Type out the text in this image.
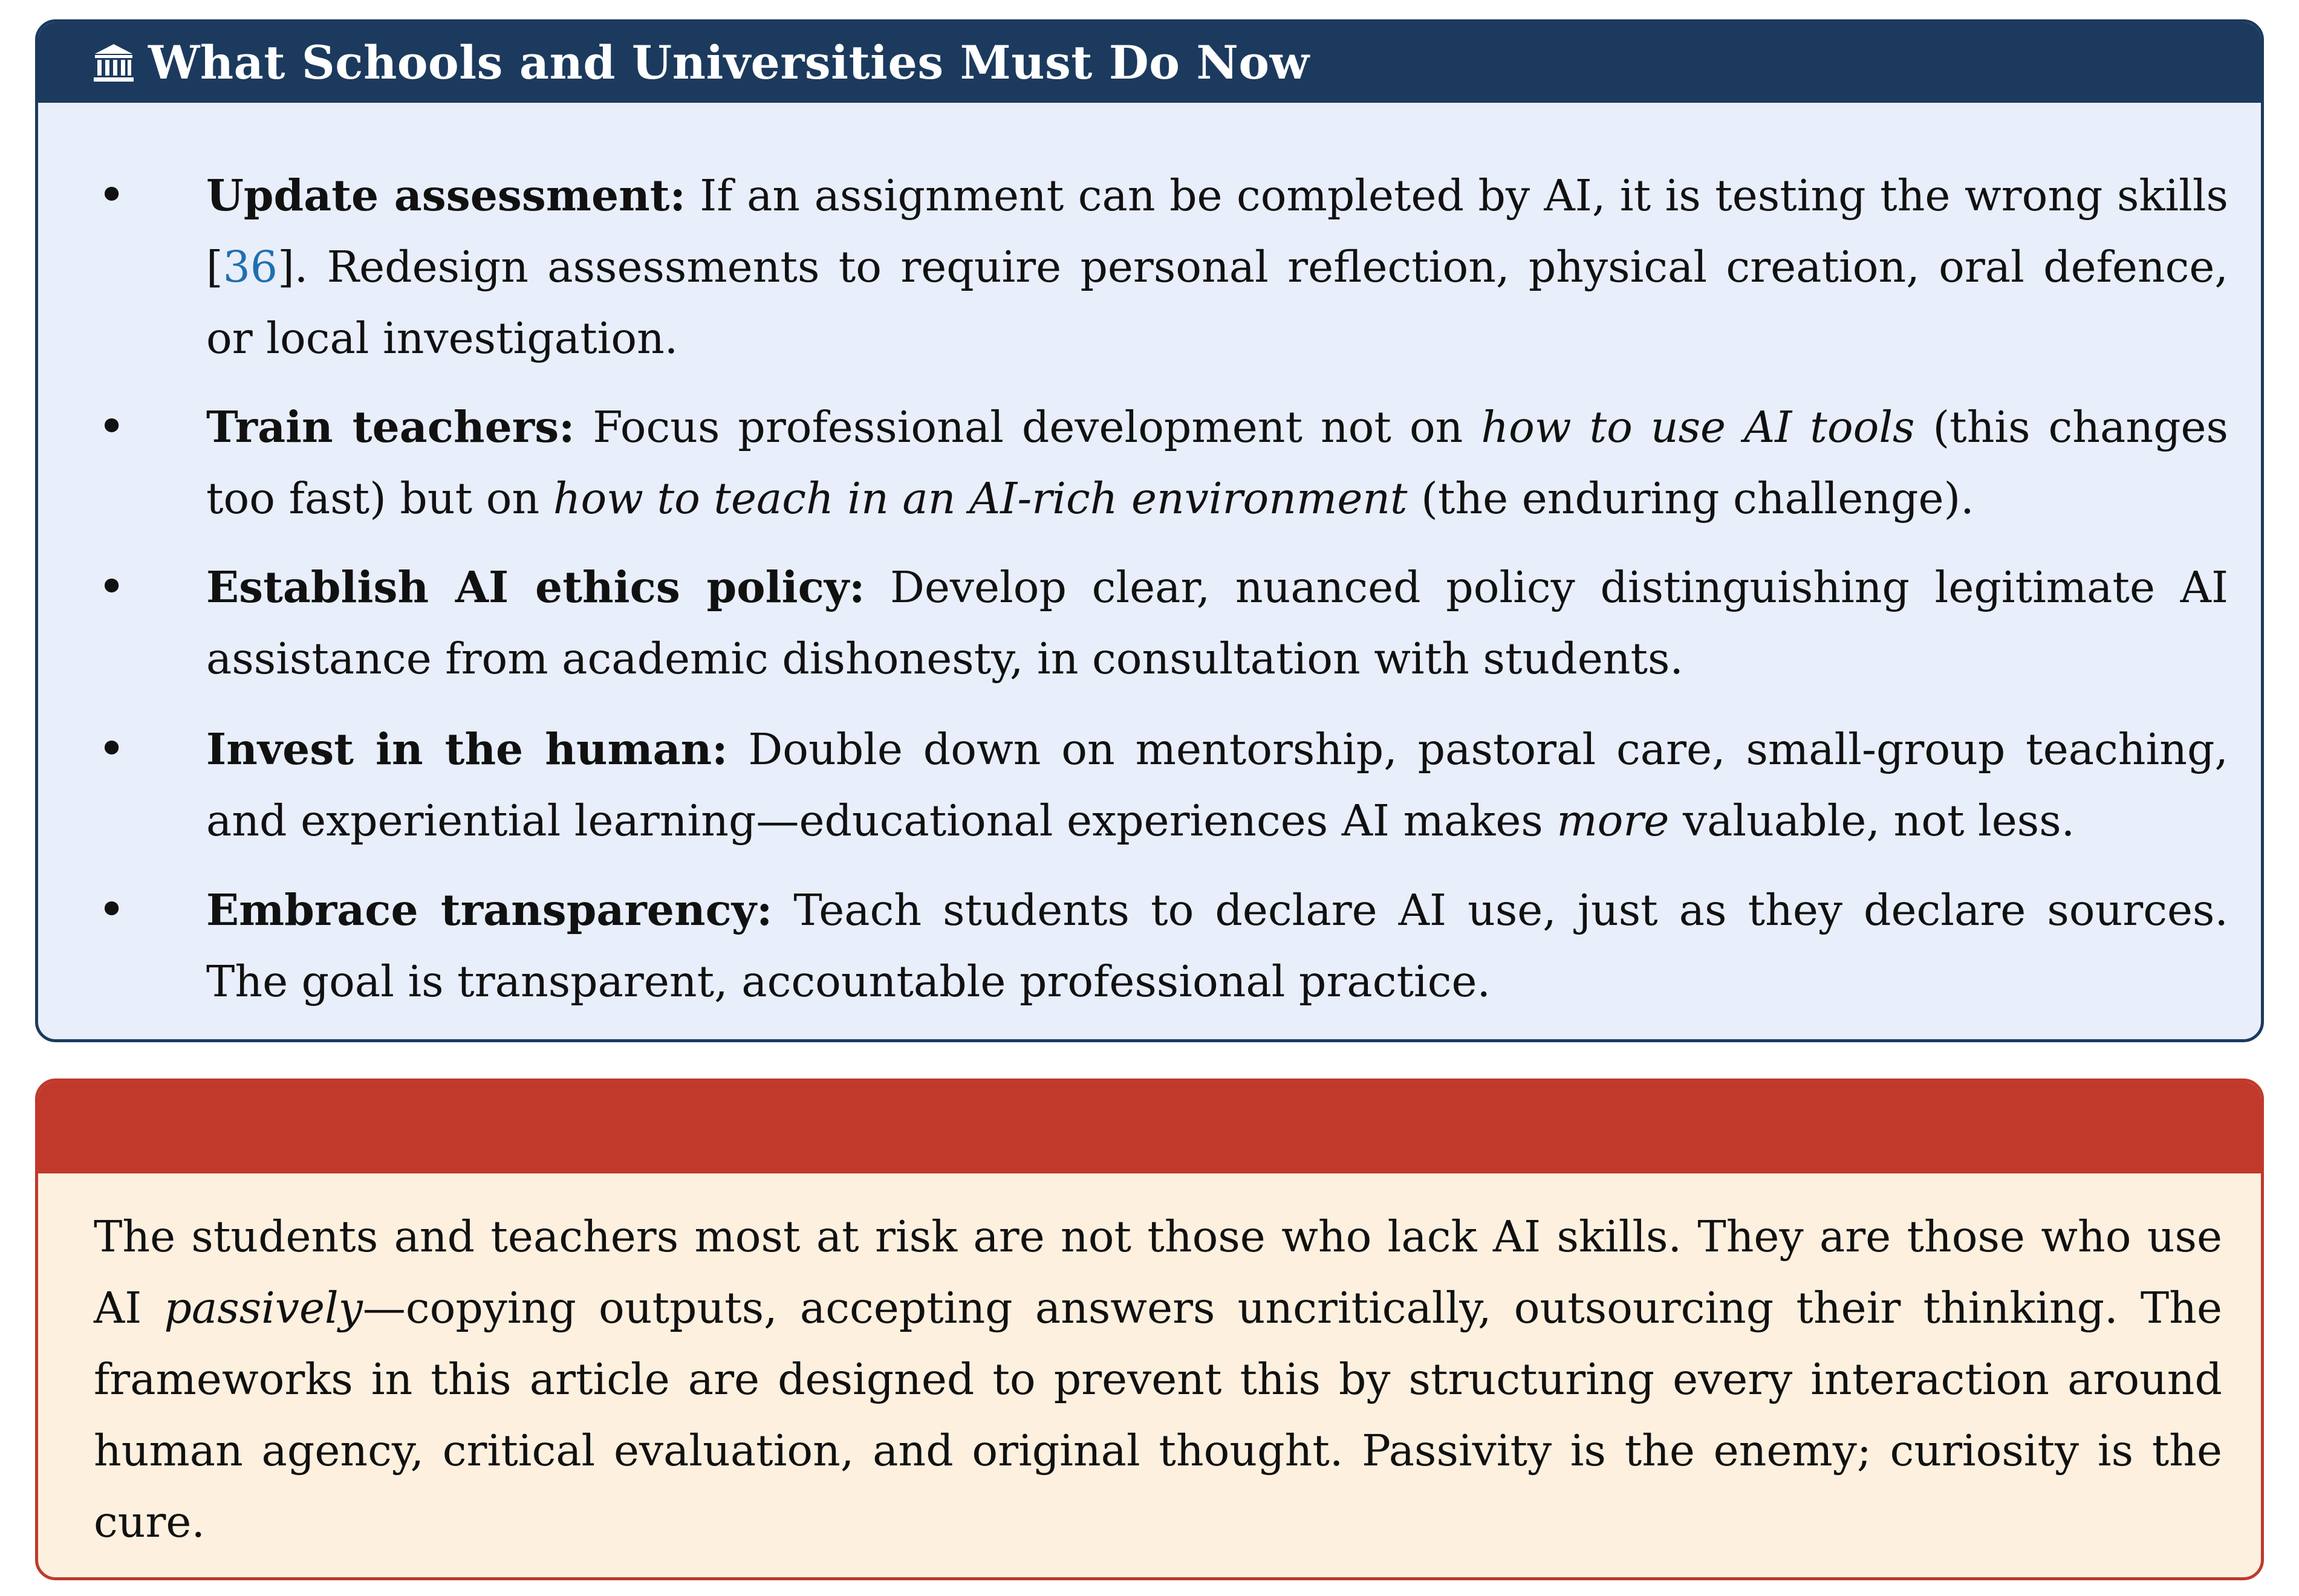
What Schools and Universities Must Do Now
• Update assessment: If an assignment can be completed by AI, it is testing the wrong skills [36]. Redesign assessments to require personal reflection, physical creation, oral defence, or local investigation.
• Train teachers: Focus professional development not on how to use AI tools (this changes too fast) but on how to teach in an AI-rich environment (the enduring challenge).
• Establish AI ethics policy: Develop clear, nuanced policy distinguishing legitimate AI assistance from academic dishonesty, in consultation with students.
• Invest in the human: Double down on mentorship, pastoral care, small-group teaching, and experiential learning—educational experiences AI makes more valuable, not less.
• Embrace transparency: Teach students to declare AI use, just as they declare sources. The goal is transparent, accountable professional practice.
The students and teachers most at risk are not those who lack AI skills. They are those who use AI passively—copying outputs, accepting answers uncritically, outsourcing their thinking. The frameworks in this article are designed to prevent this by structuring every interaction around human agency, critical evaluation, and original thought. Passivity is the enemy; curiosity is the cure.
